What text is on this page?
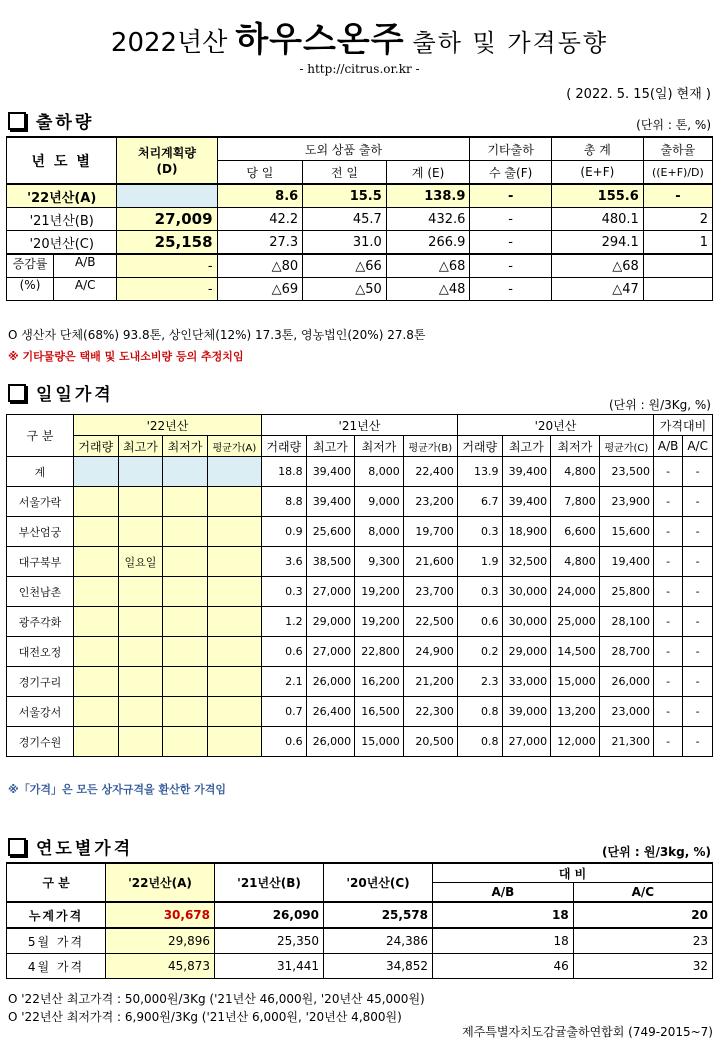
2022년산 하우스온주 출하 및 가격동향
- http://citrus.or.kr -
( 2022. 5. 15(일) 현재 )
출하량	(단위 : 톤, %)
년 도 별	처리계획량
(D)	도외 상품 출하			기타출하	총 계	출하율
		당 일	전 일	계 (E)	수 출(F)	(E+F)	((E+F)/D)
'22년산(A)		8.6	15.5	138.9	-	155.6	-
'21년산(B)	27,009	42.2	45.7	432.6	-	480.1	2
'20년산(C)	25,158	27.3	31.0	266.9	-	294.1	1

증감률 A/B	-	△80	△66	△68	-	△68	

(%) A/C	-	△69	△50	△48	-	△47	
O 생산자 단체(68%) 93.8톤, 상인단체(12%) 17.3톤, 영농법인(20%) 27.8톤
※ 기타물량은 택배 및 도내소비량 등의 추정치임
일일가격	(단위 : 원/3Kg, %)
구 분	'22년산				'21년산				'20년산				가격대비	
	거래량	최고가	최저가	평균가(A)	거래량	최고가	최저가	평균가(B)	거래량	최고가	최저가	평균가(C)	A/B	A/C
계					18.8	39,400	8,000	22,400	13.9	39,400	4,800	23,500	-	-
서울가락					8.8	39,400	9,000	23,200	6.7	39,400	7,800	23,900	-	-
부산엄궁					0.9	25,600	8,000	19,700	0.3	18,900	6,600	15,600	-	-
대구북부		일요일			3.6	38,500	9,300	21,600	1.9	32,500	4,800	19,400	-	-
인천남촌					0.3	27,000	19,200	23,700	0.3	30,000	24,000	25,800	-	-
광주각화					1.2	29,000	19,200	22,500	0.6	30,000	25,000	28,100	-	-
대전오정					0.6	27,000	22,800	24,900	0.2	29,000	14,500	28,700	-	-
경기구리					2.1	26,000	16,200	21,200	2.3	33,000	15,000	26,000	-	-
서울강서					0.7	26,400	16,500	22,300	0.8	39,000	13,200	23,000	-	-
경기수원					0.6	26,000	15,000	20,500	0.8	27,000	12,000	21,300	-	-
※「가격」은 모든 상자규격을 환산한 가격임
연도별가격	(단위 : 원/3kg, %)
구 분	'22년산(A)	'21년산(B)	'20년산(C)	대 비	
				A/B	A/C
누계가격	30,678	26,090	25,578	18	20
5월 가격	29,896	25,350	24,386	18	23
4월 가격	45,873	31,441	34,852	46	32
O '22년산 최고가격 : 50,000원/3Kg ('21년산 46,000원, '20년산 45,000원)
O '22년산 최저가격 : 6,900원/3Kg ('21년산 6,000원, '20년산 4,800원)
제주특별자치도감귤출하연합회 (749-2015~7)
